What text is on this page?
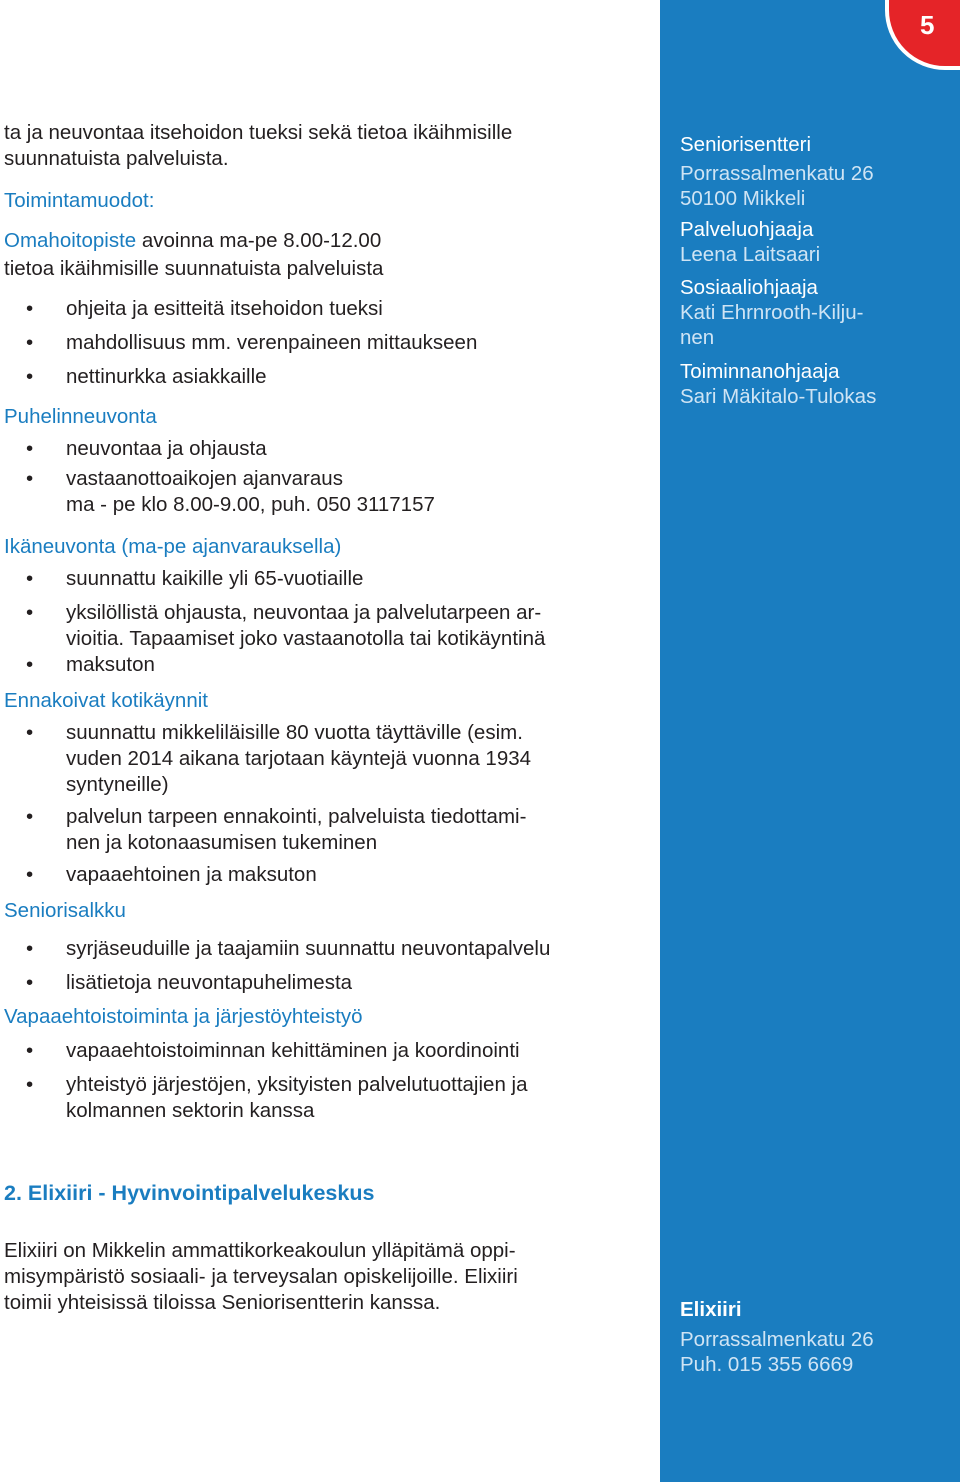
ta ja neuvontaa itsehoidon tueksi sekä tietoa ikäihmisille
suunnatuista palveluista.
Toimintamuodot:
Omahoitopiste avoinna ma-pe 8.00-12.00
tietoa ikäihmisille suunnatuista palveluista
• ohjeita ja esitteitä itsehoidon tueksi
• mahdollisuus mm. verenpaineen mittaukseen
• nettinurkka asiakkaille
Puhelinneuvonta
• neuvontaa ja ohjausta
• vastaanottoaikojen ajanvaraus
ma - pe klo 8.00-9.00, puh. 050 3117157
Ikäneuvonta (ma-pe ajanvarauksella)
• suunnattu kaikille yli 65-vuotiaille
• yksilöllistä ohjausta, neuvontaa ja palvelutarpeen ar-
vioitia. Tapaamiset joko vastaanotolla tai kotikäyntinä
• maksuton
Ennakoivat kotikäynnit
• suunnattu mikkeliläisille 80 vuotta täyttäville (esim.
vuden 2014 aikana tarjotaan käyntejä vuonna 1934
syntyneille)
• palvelun tarpeen ennakointi, palveluista tiedottami-
nen ja kotonaasumisen tukeminen
• vapaaehtoinen ja maksuton
Seniorisalkku
• syrjäseuduille ja taajamiin suunnattu neuvontapalvelu
• lisätietoja neuvontapuhelimesta
Vapaaehtoistoiminta ja järjestöyhteistyö
• vapaaehtoistoiminnan kehittäminen ja koordinointi
• yhteistyö järjestöjen, yksityisten palvelutuottajien ja
kolmannen sektorin kanssa
2. Elixiiri - Hyvinvointipalvelukeskus
Elixiiri on Mikkelin ammattikorkeakoulun ylläpitämä oppi-
misympäristö sosiaali- ja terveysalan opiskelijoille. Elixiiri
toimii yhteisissä tiloissa Seniorisentterin kanssa.
Seniorisentteri
Porrassalmenkatu 26
50100 Mikkeli
Palveluohjaaja
Leena Laitsaari
Sosiaaliohjaaja
Kati Ehrnrooth-Kilju-
nen
Toiminnanohjaaja
Sari Mäkitalo-Tulokas
Elixiiri
Porrassalmenkatu 26
Puh. 015 355 6669
5
